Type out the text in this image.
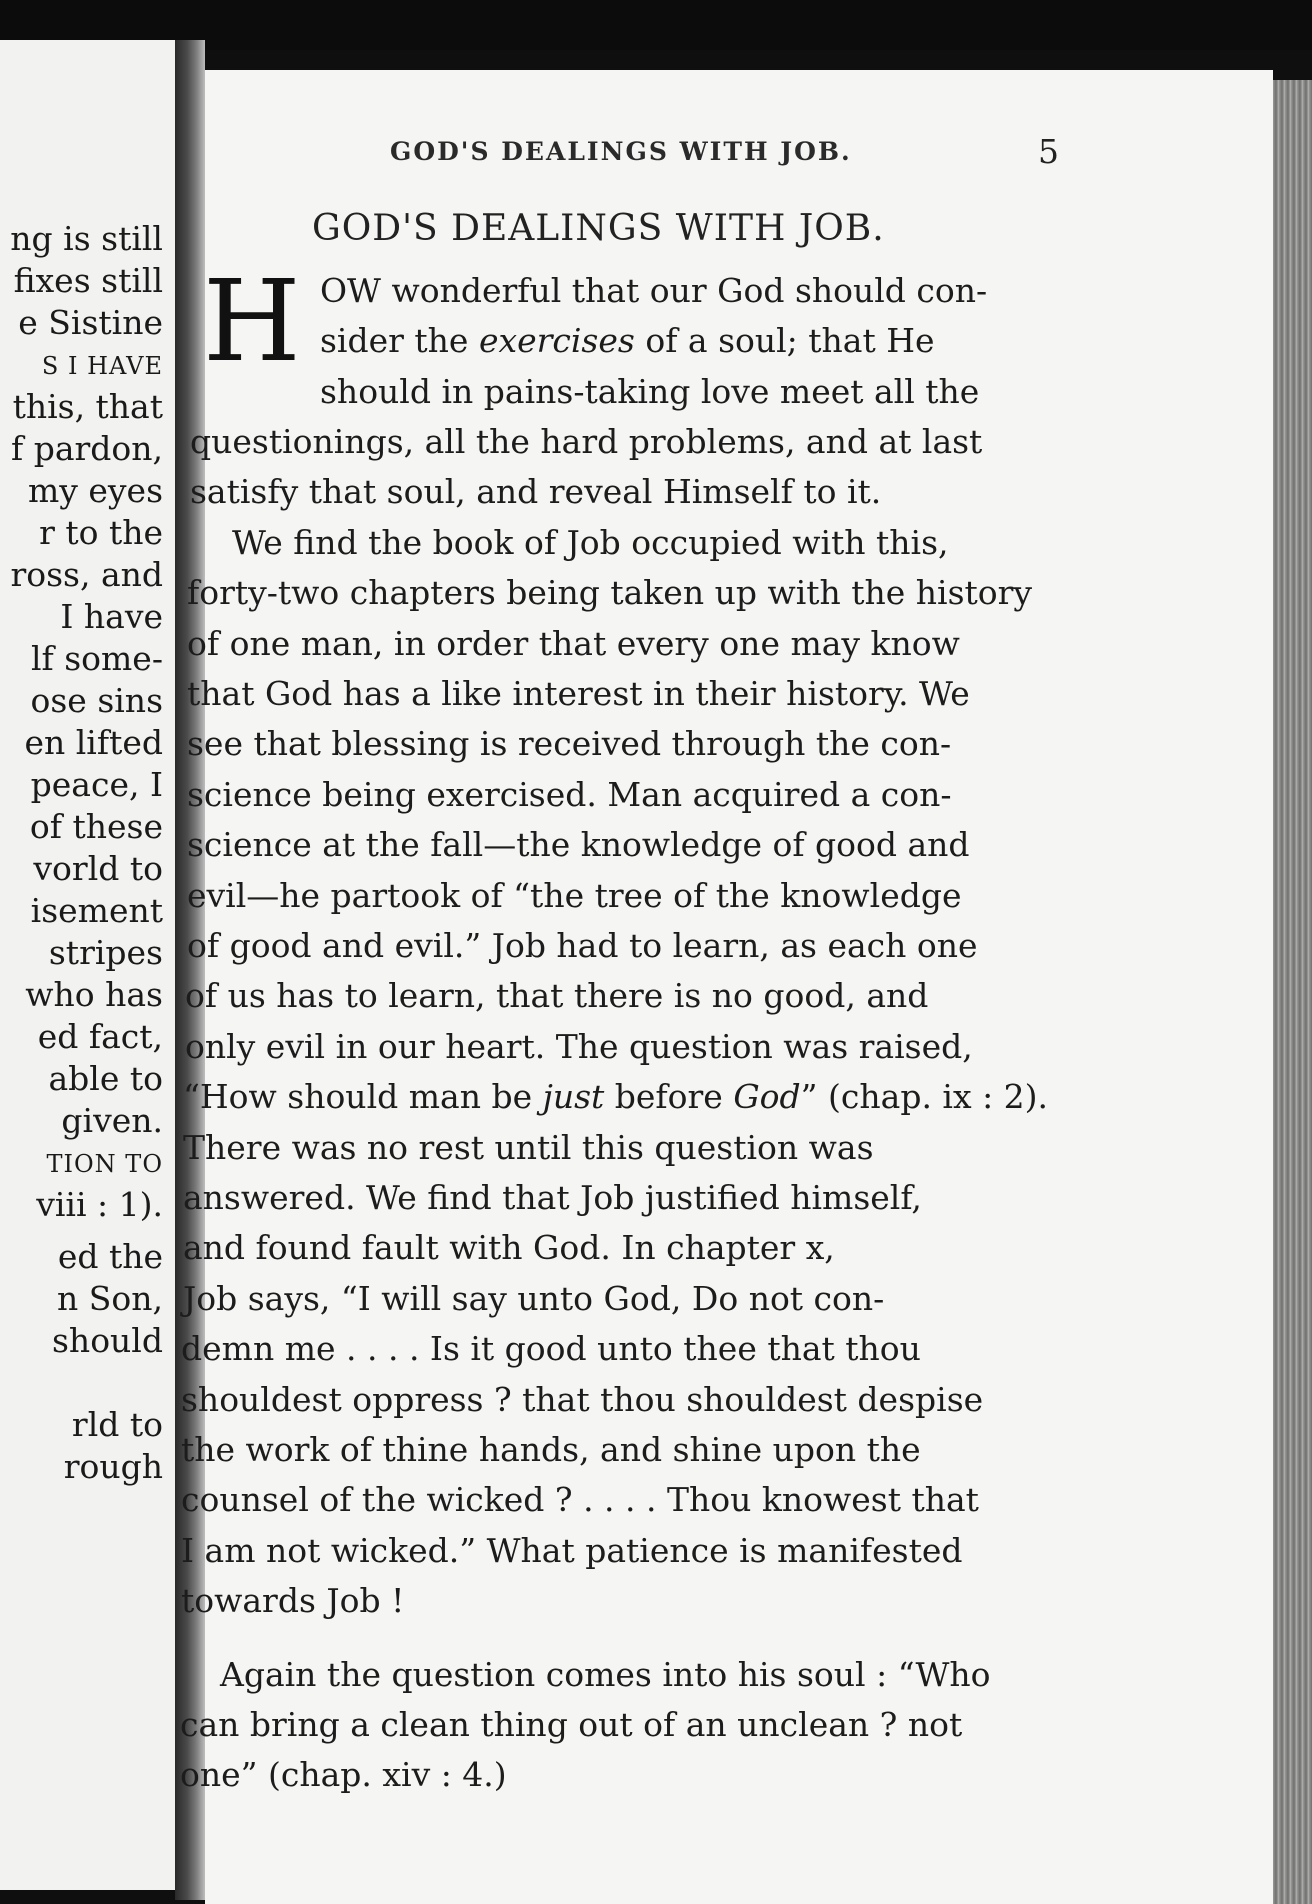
ng is still
fixes still
e Sistine
S I HAVE
this, that
f pardon,
my eyes
r to the
ross, and
I have
lf some-
ose sins
en lifted
peace, I
of these
vorld to
isement
stripes
who has
ed fact,
able to
given.
TION TO
viii : 1).
ed the
n Son,
should
rld to
rough
GOD'S DEALINGS WITH JOB.	5
GOD'S DEALINGS WITH JOB.
H OW wonderful that our God should con-
sider the exercises of a soul; that He
should in pains-taking love meet all the
questionings, all the hard problems, and at last
satisfy that soul, and reveal Himself to it.
We find the book of Job occupied with this,
forty-two chapters being taken up with the history
of one man, in order that every one may know
that God has a like interest in their history. We
see that blessing is received through the con-
science being exercised. Man acquired a con-
science at the fall—the knowledge of good and
evil—he partook of “the tree of the knowledge
of good and evil.” Job had to learn, as each one
of us has to learn, that there is no good, and
only evil in our heart. The question was raised,
“How should man be just before God” (chap. ix : 2).
There was no rest until this question was
answered. We find that Job justified himself,
and found fault with God. In chapter x,
Job says, “I will say unto God, Do not con-
demn me . . . . Is it good unto thee that thou
shouldest oppress ? that thou shouldest despise
the work of thine hands, and shine upon the
counsel of the wicked ? . . . . Thou knowest that
I am not wicked.” What patience is manifested
towards Job !
Again the question comes into his soul : “Who
can bring a clean thing out of an unclean ? not
one” (chap. xiv : 4.)
